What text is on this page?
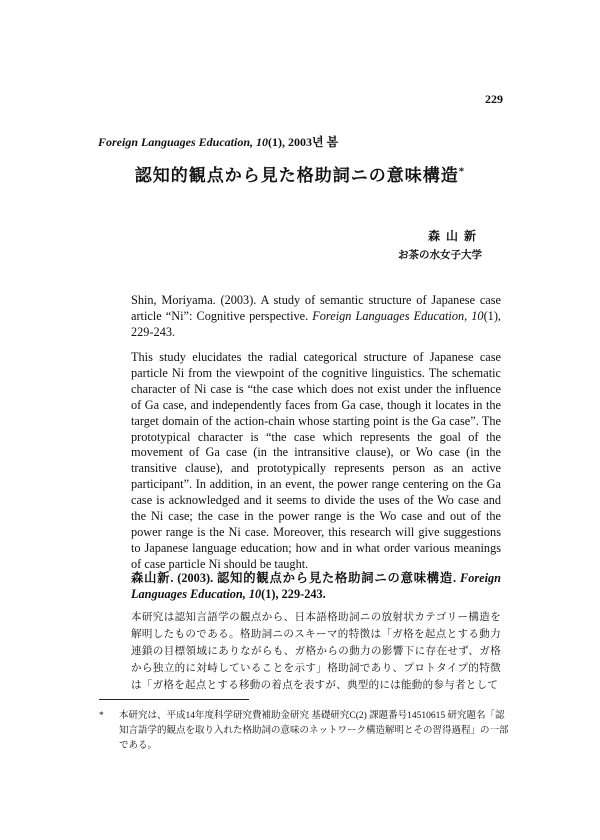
229
Foreign Languages Education, 10(1), 2003년 봄
認知的観点から見た格助詞ニの意味構造*
森山新
お茶の水女子大学
Shin, Moriyama. (2003). A study of semantic structure of Japanese case article “Ni”: Cognitive perspective. Foreign Languages Education, 10(1), 229-243.
This study elucidates the radial categorical structure of Japanese case particle Ni from the viewpoint of the cognitive linguistics. The schematic character of Ni case is “the case which does not exist under the influence of Ga case, and independently faces from Ga case, though it locates in the target domain of the action-chain whose starting point is the Ga case”. The prototypical character is “the case which represents the goal of the movement of Ga case (in the intransitive clause), or Wo case (in the transitive clause), and prototypically represents person as an active participant”. In addition, in an event, the power range centering on the Ga case is acknowledged and it seems to divide the uses of the Wo case and the Ni case; the case in the power range is the Wo case and out of the power range is the Ni case. Moreover, this research will give suggestions to Japanese language education; how and in what order various meanings of case particle Ni should be taught.
森山新. (2003). 認知的観点から見た格助詞ニの意味構造. Foreign Languages Education, 10(1), 229-243.
本研究は認知言語学の観点から、日本語格助詞ニの放射状カテゴリー構造を解明したものである。格助詞ニのスキーマ的特徴は「ガ格を起点とする動力連鎖の目標領域にありながらも、ガ格からの動力の影響下に存在せず、ガ格から独立的に対峙していることを示す」格助詞であり、プロトタイプ的特徴は「ガ格を起点とする移動の着点を表すが、典型的には能動的参与者として
*	本研究は、平成14年度科学研究費補助金研究 基礎研究C(2) 課題番号14510615 研究題名「認知言語学的観点を取り入れた格助詞の意味のネットワーク構造解明とその習得過程」の一部である。
